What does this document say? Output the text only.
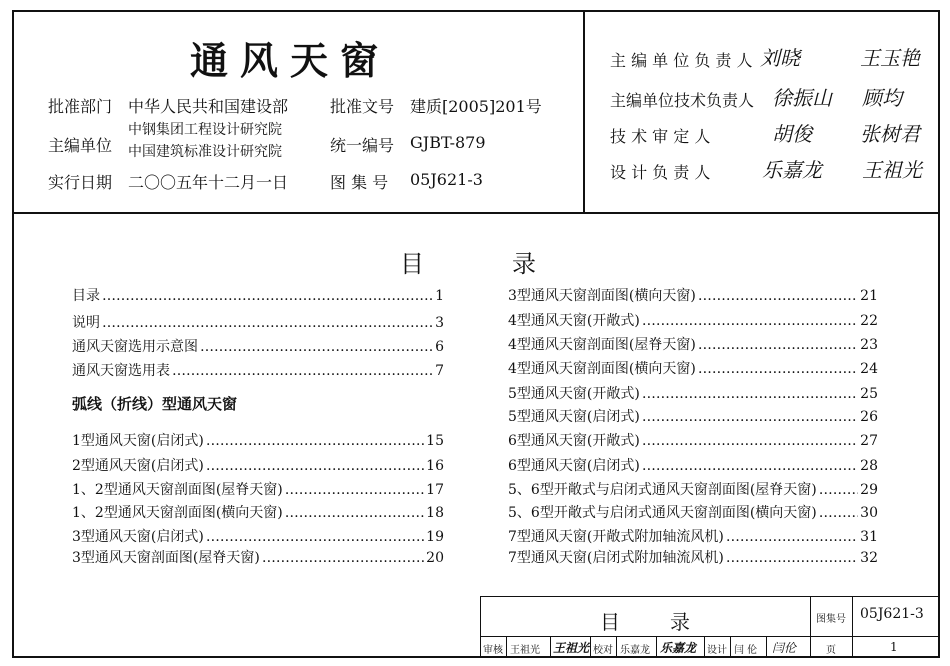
通风天窗
批准部门 中华人民共和国建设部	批准文号 建质[2005]201号
主编单位
中钢集团工程设计研究院
中国建筑标准设计研究院	统一编号 GJBT-879
实行日期 二〇〇五年十二月一日	图 集 号 05J621-3
主 编 单 位 负 责 人 刘晓	王玉艳
主编单位技术负责人 徐振山 顾均
技 术 审 定 人	胡俊 张树君
设 计 负 责 人	乐嘉龙 王祖光
目	录
目录 ………………………………………………………………………………………………………………………………………………………………………………	1
说明 ………………………………………………………………………………………………………………………………………………………………………………	3
通风天窗选用示意图 ………………………………………………………………………………………………………………………………………………………………………………	6
通风天窗选用表 ………………………………………………………………………………………………………………………………………………………………………………	7
弧线（折线）型通风天窗
1型通风天窗(启闭式) ………………………………………………………………………………………………………………………………………………………………………………	15
2型通风天窗(启闭式) ………………………………………………………………………………………………………………………………………………………………………………	16
1、2型通风天窗剖面图(屋脊天窗) ………………………………………………………………………………………………………………………………………………………………………………	17
1、2型通风天窗剖面图(横向天窗) ………………………………………………………………………………………………………………………………………………………………………………	18
3型通风天窗(启闭式) ………………………………………………………………………………………………………………………………………………………………………………	19
3型通风天窗剖面图(屋脊天窗) ………………………………………………………………………………………………………………………………………………………………………………	20
3型通风天窗剖面图(横向天窗) ………………………………………………………………………………………………………………………………………………………………………………	21
4型通风天窗(开敞式) ………………………………………………………………………………………………………………………………………………………………………………	22
4型通风天窗剖面图(屋脊天窗) ………………………………………………………………………………………………………………………………………………………………………………	23
4型通风天窗剖面图(横向天窗) ………………………………………………………………………………………………………………………………………………………………………………	24
5型通风天窗(开敞式) ………………………………………………………………………………………………………………………………………………………………………………	25
5型通风天窗(启闭式) ………………………………………………………………………………………………………………………………………………………………………………	26
6型通风天窗(开敞式) ………………………………………………………………………………………………………………………………………………………………………………	27
6型通风天窗(启闭式) ………………………………………………………………………………………………………………………………………………………………………………	28
5、6型开敞式与启闭式通风天窗剖面图(屋脊天窗) ………………………………………………………………………………………………………………………………………………………………………………	29
5、6型开敞式与启闭式通风天窗剖面图(横向天窗) ………………………………………………………………………………………………………………………………………………………………………………	30
7型通风天窗(开敞式附加轴流风机) ………………………………………………………………………………………………………………………………………………………………………………	31
7型通风天窗(启闭式附加轴流风机) ………………………………………………………………………………………………………………………………………………………………………………	32
目录	图集号 05J621-3
审核 王祖光 王祖光 校对 乐嘉龙 乐嘉龙 设计 闫 伦 闫伦	页	1
